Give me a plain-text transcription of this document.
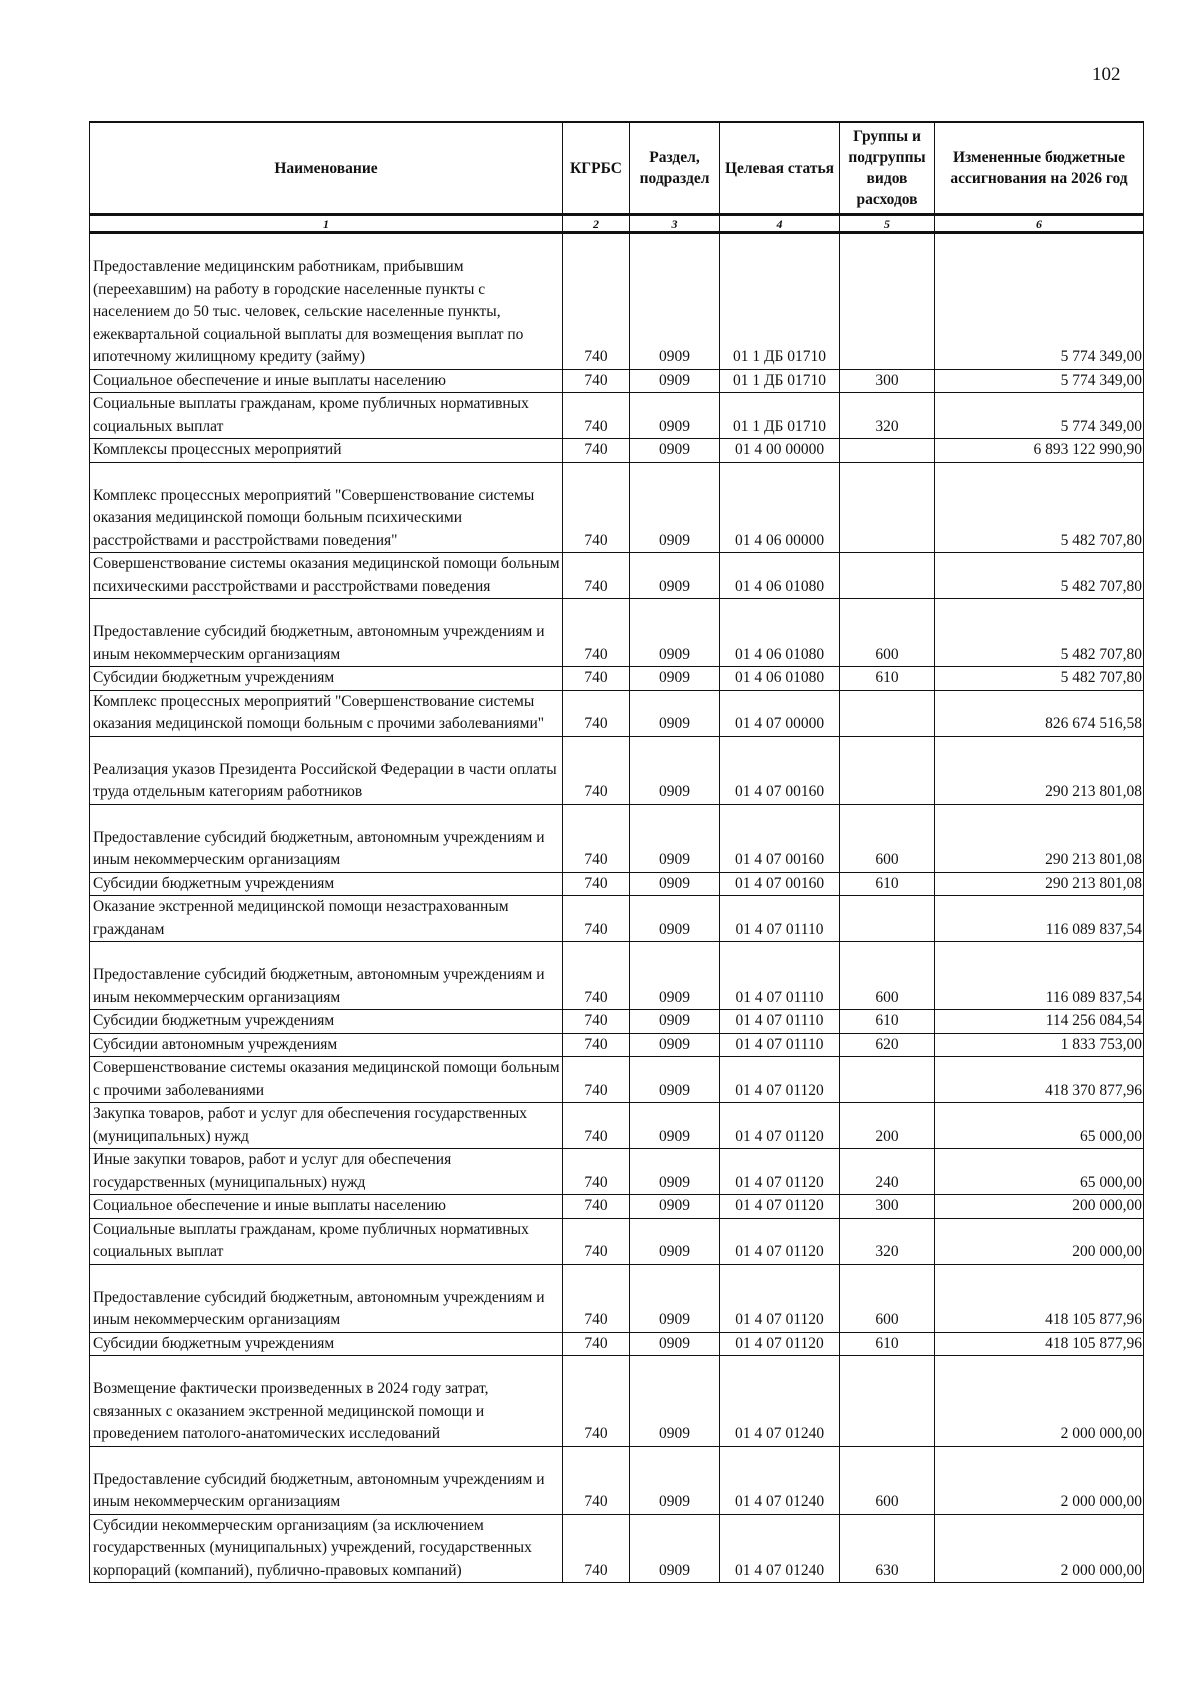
102
Наименование	КГРБС	Раздел, подраздел	Целевая статья	Группы и подгруппы видов расходов	Измененные бюджетные ассигнования на 2026 год
1	2	3	4	5	6
Предоставление медицинским работникам, прибывшим (переехавшим) на работу в городские населенные пункты с населением до 50 тыс. человек, сельские населенные пункты, ежеквартальной социальной выплаты для возмещения выплат по ипотечному жилищному кредиту (займу)	740	0909	01 1 ДБ 01710		5 774 349,00
Социальное обеспечение и иные выплаты населению	740	0909	01 1 ДБ 01710	300	5 774 349,00
Социальные выплаты гражданам, кроме публичных нормативных социальных выплат	740	0909	01 1 ДБ 01710	320	5 774 349,00
Комплексы процессных мероприятий	740	0909	01 4 00 00000		6 893 122 990,90
Комплекс процессных мероприятий "Совершенствование системы оказания медицинской помощи больным психическими расстройствами и расстройствами поведения"	740	0909	01 4 06 00000		5 482 707,80
Совершенствование системы оказания медицинской помощи больным психическими расстройствами и расстройствами поведения	740	0909	01 4 06 01080		5 482 707,80
Предоставление субсидий бюджетным, автономным учреждениям и иным некоммерческим организациям	740	0909	01 4 06 01080	600	5 482 707,80
Субсидии бюджетным учреждениям	740	0909	01 4 06 01080	610	5 482 707,80
Комплекс процессных мероприятий "Совершенствование системы оказания медицинской помощи больным с прочими заболеваниями"	740	0909	01 4 07 00000		826 674 516,58
Реализация указов Президента Российской Федерации в части оплаты труда отдельным категориям работников	740	0909	01 4 07 00160		290 213 801,08
Предоставление субсидий бюджетным, автономным учреждениям и иным некоммерческим организациям	740	0909	01 4 07 00160	600	290 213 801,08
Субсидии бюджетным учреждениям	740	0909	01 4 07 00160	610	290 213 801,08
Оказание экстренной медицинской помощи незастрахованным гражданам	740	0909	01 4 07 01110		116 089 837,54
Предоставление субсидий бюджетным, автономным учреждениям и иным некоммерческим организациям	740	0909	01 4 07 01110	600	116 089 837,54
Субсидии бюджетным учреждениям	740	0909	01 4 07 01110	610	114 256 084,54
Субсидии автономным учреждениям	740	0909	01 4 07 01110	620	1 833 753,00
Совершенствование системы оказания медицинской помощи больным с прочими заболеваниями	740	0909	01 4 07 01120		418 370 877,96
Закупка товаров, работ и услуг для обеспечения государственных (муниципальных) нужд	740	0909	01 4 07 01120	200	65 000,00
Иные закупки товаров, работ и услуг для обеспечения государственных (муниципальных) нужд	740	0909	01 4 07 01120	240	65 000,00
Социальное обеспечение и иные выплаты населению	740	0909	01 4 07 01120	300	200 000,00
Социальные выплаты гражданам, кроме публичных нормативных социальных выплат	740	0909	01 4 07 01120	320	200 000,00
Предоставление субсидий бюджетным, автономным учреждениям и иным некоммерческим организациям	740	0909	01 4 07 01120	600	418 105 877,96
Субсидии бюджетным учреждениям	740	0909	01 4 07 01120	610	418 105 877,96
Возмещение фактически произведенных в 2024 году затрат, связанных с оказанием экстренной медицинской помощи и проведением патолого-анатомических исследований	740	0909	01 4 07 01240		2 000 000,00
Предоставление субсидий бюджетным, автономным учреждениям и иным некоммерческим организациям	740	0909	01 4 07 01240	600	2 000 000,00
Субсидии некоммерческим организациям (за исключением государственных (муниципальных) учреждений, государственных корпораций (компаний), публично-правовых компаний)	740	0909	01 4 07 01240	630	2 000 000,00
